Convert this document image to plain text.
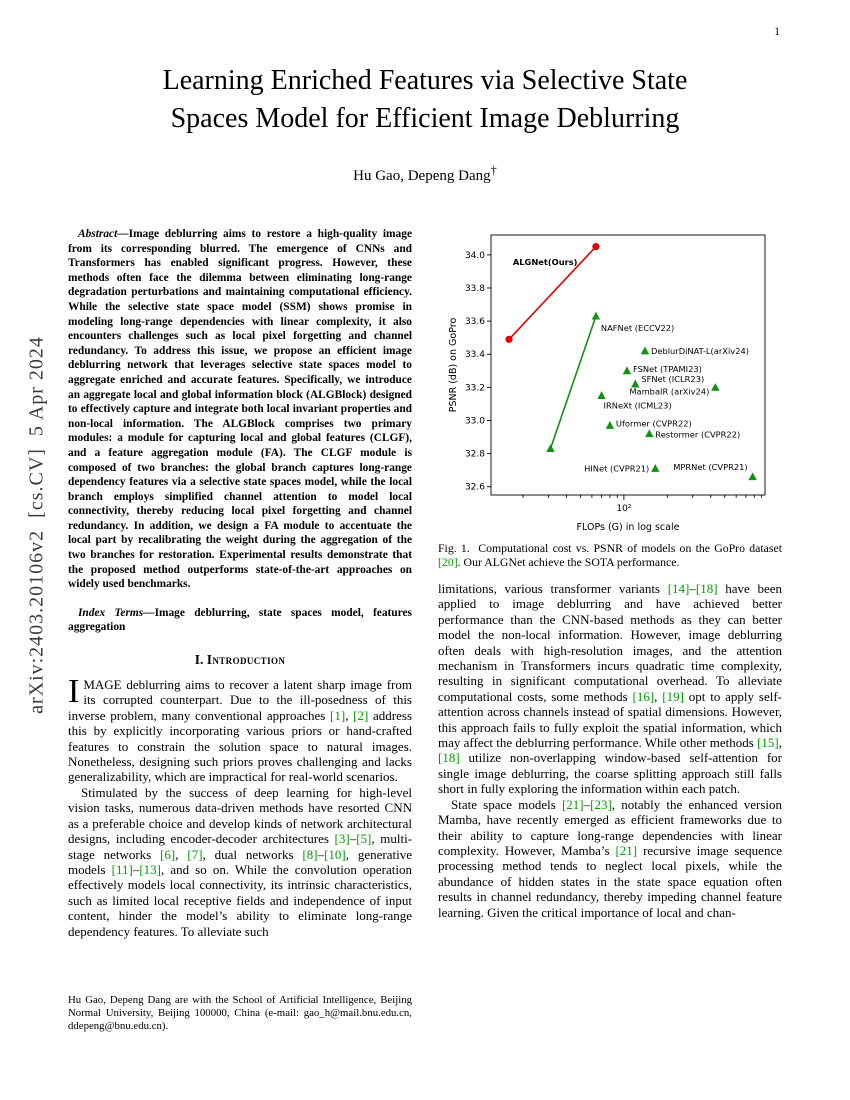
1
arXiv:2403.20106v2  [cs.CV]  5 Apr 2024
Learning Enriched Features via Selective State
Spaces Model for Efficient Image Deblurring
Hu Gao, Depeng Dang†

Abstract—Image deblurring aims to restore a high-quality image from its corresponding blurred. The emergence of CNNs and Transformers has enabled significant progress. However, these methods often face the dilemma between eliminating long-range degradation perturbations and maintaining computational efficiency. While the selective state space model (SSM) shows promise in modeling long-range dependencies with linear complexity, it also encounters challenges such as local pixel forgetting and channel redundancy. To address this issue, we propose an efficient image deblurring network that leverages selective state spaces model to aggregate enriched and accurate features. Specifically, we introduce an aggregate local and global information block (ALGBlock) designed to effectively capture and integrate both local invariant properties and non-local information. The ALGBlock comprises two primary modules: a module for capturing local and global features (CLGF), and a feature aggregation module (FA). The CLGF module is composed of two branches: the global branch captures long-range dependency features via a selective state spaces model, while the local branch employs simplified channel attention to model local connectivity, thereby reducing local pixel forgetting and channel redundancy. In addition, we design a FA module to accentuate the local part by recalibrating the weight during the aggregation of the two branches for restoration. Experimental results demonstrate that the proposed method outperforms state-of-the-art approaches on widely used benchmarks.

Index Terms—Image deblurring, state spaces model, features aggregation

I. Introduction

IMAGE deblurring aims to recover a latent sharp image from its corrupted counterpart. Due to the ill-posedness of this inverse problem, many conventional approaches [1], [2] address this by explicitly incorporating various priors or hand-crafted features to constrain the solution space to natural images. Nonetheless, designing such priors proves challenging and lacks generalizability, which are impractical for real-world scenarios.

Stimulated by the success of deep learning for high-level vision tasks, numerous data-driven methods have resorted CNN as a preferable choice and develop kinds of network architectural designs, including encoder-decoder architectures [3]–[5], multi-stage networks [6], [7], dual networks [8]–[10], generative models [11]–[13], and so on. While the convolution operation effectively models local connectivity, its intrinsic characteristics, such as limited local receptive fields and independence of input content, hinder the model’s ability to eliminate long-range dependency features. To alleviate such

Hu Gao, Depeng Dang are with the School of Artificial Intelligence, Beijing Normal University, Beijing 100000, China (e-mail: gao_h@mail.bnu.edu.cn, ddepeng@bnu.edu.cn).
32.6
32.8
33.0
33.2
33.4
33.6
33.8
34.0
10²
FLOPs (G) in log scale
PSNR (dB) on GoPro
ALGNet(Ours)
NAFNet (ECCV22)
DeblurDiNAT-L(arXiv24)
FSNet (TPAMI23)
SFNet (ICLR23)
MambaIR (arXiv24)
IRNeXt (ICML23)
Uformer (CVPR22)
Restormer (CVPR22)
HINet (CVPR21)	MPRNet (CVPR21)
Fig. 1. Computational cost vs. PSNR of models on the GoPro dataset [20]. Our ALGNet achieve the SOTA performance.

limitations, various transformer variants [14]–[18] have been applied to image deblurring and have achieved better performance than the CNN-based methods as they can better model the non-local information. However, image deblurring often deals with high-resolution images, and the attention mechanism in Transformers incurs quadratic time complexity, resulting in significant computational overhead. To alleviate computational costs, some methods [16], [19] opt to apply self-attention across channels instead of spatial dimensions. However, this approach fails to fully exploit the spatial information, which may affect the deblurring performance. While other methods [15], [18] utilize non-overlapping window-based self-attention for single image deblurring, the coarse splitting approach still falls short in fully exploring the information within each patch.

State space models [21]–[23], notably the enhanced version Mamba, have recently emerged as efficient frameworks due to their ability to capture long-range dependencies with linear complexity. However, Mamba’s [21] recursive image sequence processing method tends to neglect local pixels, while the abundance of hidden states in the state space equation often results in channel redundancy, thereby impeding channel feature learning. Given the critical importance of local and chan-
